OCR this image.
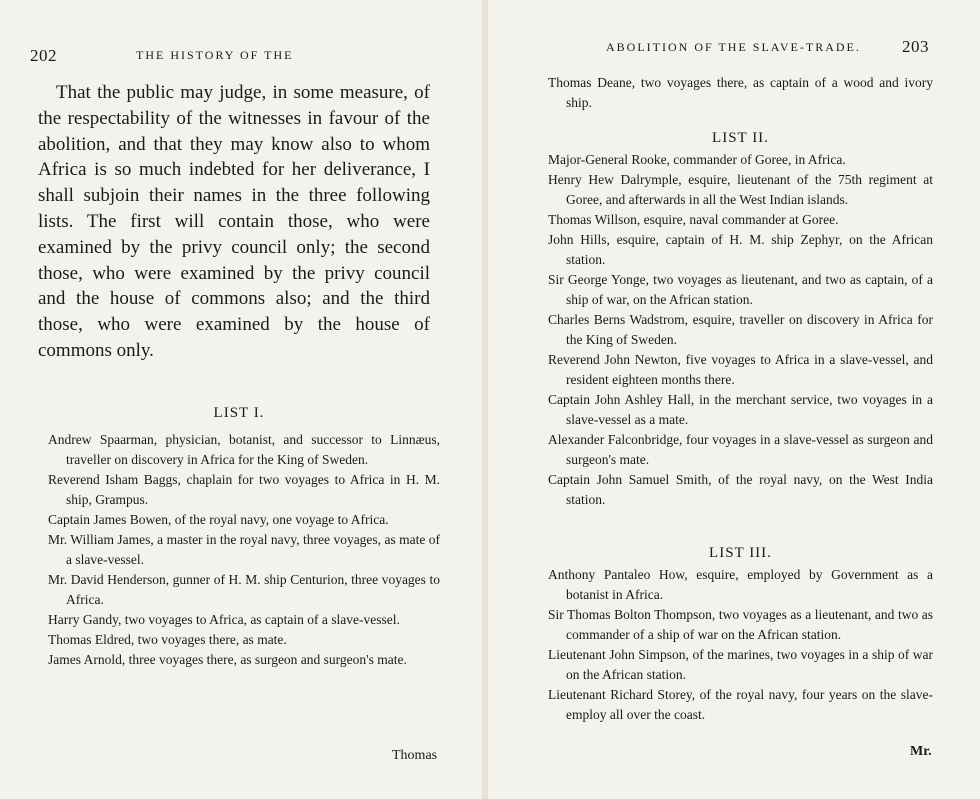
202	THE HISTORY OF THE

That the public may judge, in some measure, of the respectability of the witnesses in favour of the abolition, and that they may know also to whom Africa is so much indebted for her deliverance, I shall subjoin their names in the three following lists. The first will contain those, who were examined by the privy council only; the second those, who were examined by the privy council and the house of commons also; and the third those, who were examined by the house of commons only.

LIST I.
Andrew Spaarman, physician, botanist, and successor to Linnæus, traveller on discovery in Africa for the King of Sweden.
Reverend Isham Baggs, chaplain for two voyages to Africa in H. M. ship, Grampus.
Captain James Bowen, of the royal navy, one voyage to Africa.
Mr. William James, a master in the royal navy, three voyages, as mate of a slave-vessel.
Mr. David Henderson, gunner of H. M. ship Centurion, three voyages to Africa.
Harry Gandy, two voyages to Africa, as captain of a slave-vessel.
Thomas Eldred, two voyages there, as mate.
James Arnold, three voyages there, as surgeon and surgeon's mate.
Thomas
ABOLITION OF THE SLAVE-TRADE. 203
Thomas Deane, two voyages there, as captain of a wood and ivory ship.
LIST II.
Major-General Rooke, commander of Goree, in Africa.
Henry Hew Dalrymple, esquire, lieutenant of the 75th regiment at Goree, and afterwards in all the West Indian islands.
Thomas Willson, esquire, naval commander at Goree.
John Hills, esquire, captain of H. M. ship Zephyr, on the African station.
Sir George Yonge, two voyages as lieutenant, and two as captain, of a ship of war, on the African station.
Charles Berns Wadstrom, esquire, traveller on discovery in Africa for the King of Sweden.
Reverend John Newton, five voyages to Africa in a slave-vessel, and resident eighteen months there.
Captain John Ashley Hall, in the merchant service, two voyages in a slave-vessel as a mate.
Alexander Falconbridge, four voyages in a slave-vessel as surgeon and surgeon's mate.
Captain John Samuel Smith, of the royal navy, on the West India station.
LIST III.
Anthony Pantaleo How, esquire, employed by Government as a botanist in Africa.
Sir Thomas Bolton Thompson, two voyages as a lieutenant, and two as commander of a ship of war on the African station.
Lieutenant John Simpson, of the marines, two voyages in a ship of war on the African station.
Lieutenant Richard Storey, of the royal navy, four years on the slave-employ all over the coast.
Mr.
